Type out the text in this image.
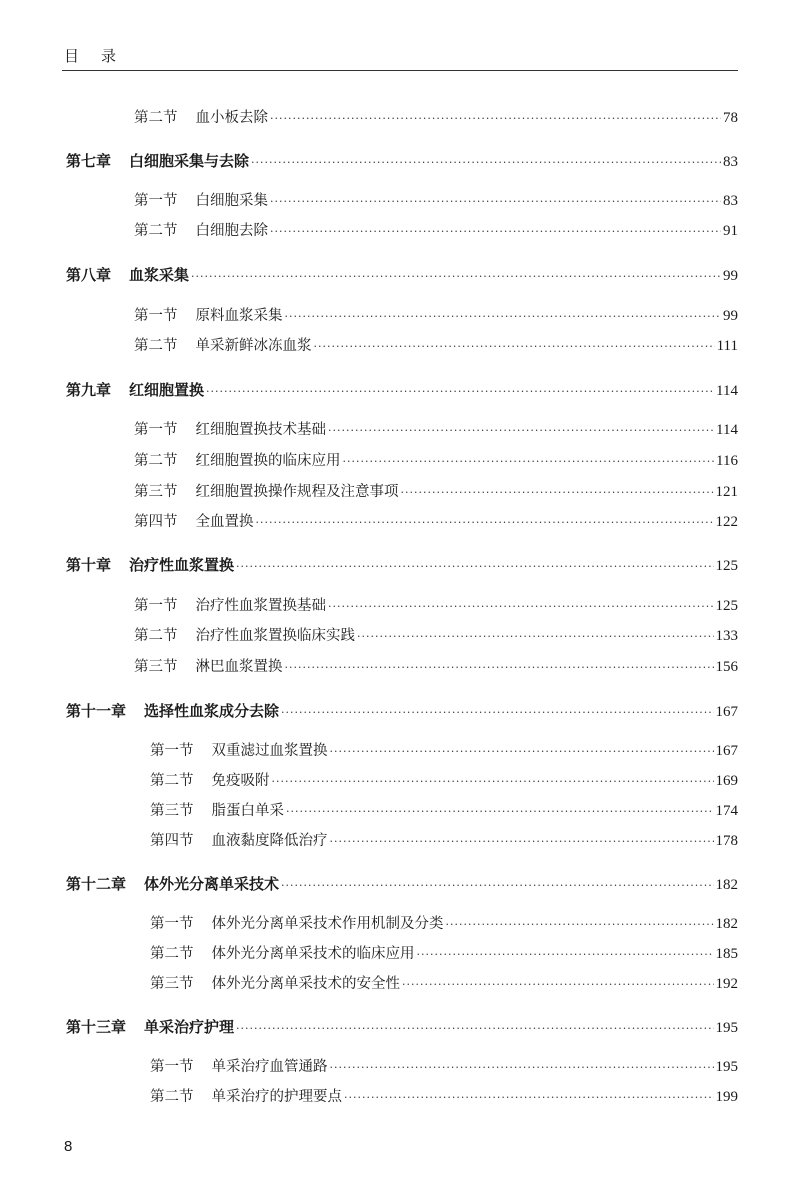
目录
第二节 血小板去除 ·····	78
第七章 白细胞采集与去除 ·····	83
第一节 白细胞采集 ·····	83
第二节 白细胞去除 ·····	91
第八章 血浆采集 ·····	99
第一节 原料血浆采集 ·····	99
第二节 单采新鲜冰冻血浆 ·····	111
第九章 红细胞置换 ·····	114
第一节 红细胞置换技术基础 ·····	114
第二节 红细胞置换的临床应用 ·····	116
第三节 红细胞置换操作规程及注意事项 ·····	121
第四节 全血置换 ·····	122
第十章 治疗性血浆置换 ·····	125
第一节 治疗性血浆置换基础 ·····	125
第二节 治疗性血浆置换临床实践 ·····	133
第三节 淋巴血浆置换 ·····	156
第十一章 选择性血浆成分去除 ·····	167
第一节 双重滤过血浆置换 ·····	167
第二节 免疫吸附 ·····	169
第三节 脂蛋白单采 ·····	174
第四节 血液黏度降低治疗 ·····	178
第十二章 体外光分离单采技术 ·····	182
第一节 体外光分离单采技术作用机制及分类 ·····	182
第二节 体外光分离单采技术的临床应用 ·····	185
第三节 体外光分离单采技术的安全性 ·····	192
第十三章 单采治疗护理 ·····	195
第一节 单采治疗血管通路 ·····	195
第二节 单采治疗的护理要点 ·····	199
8
